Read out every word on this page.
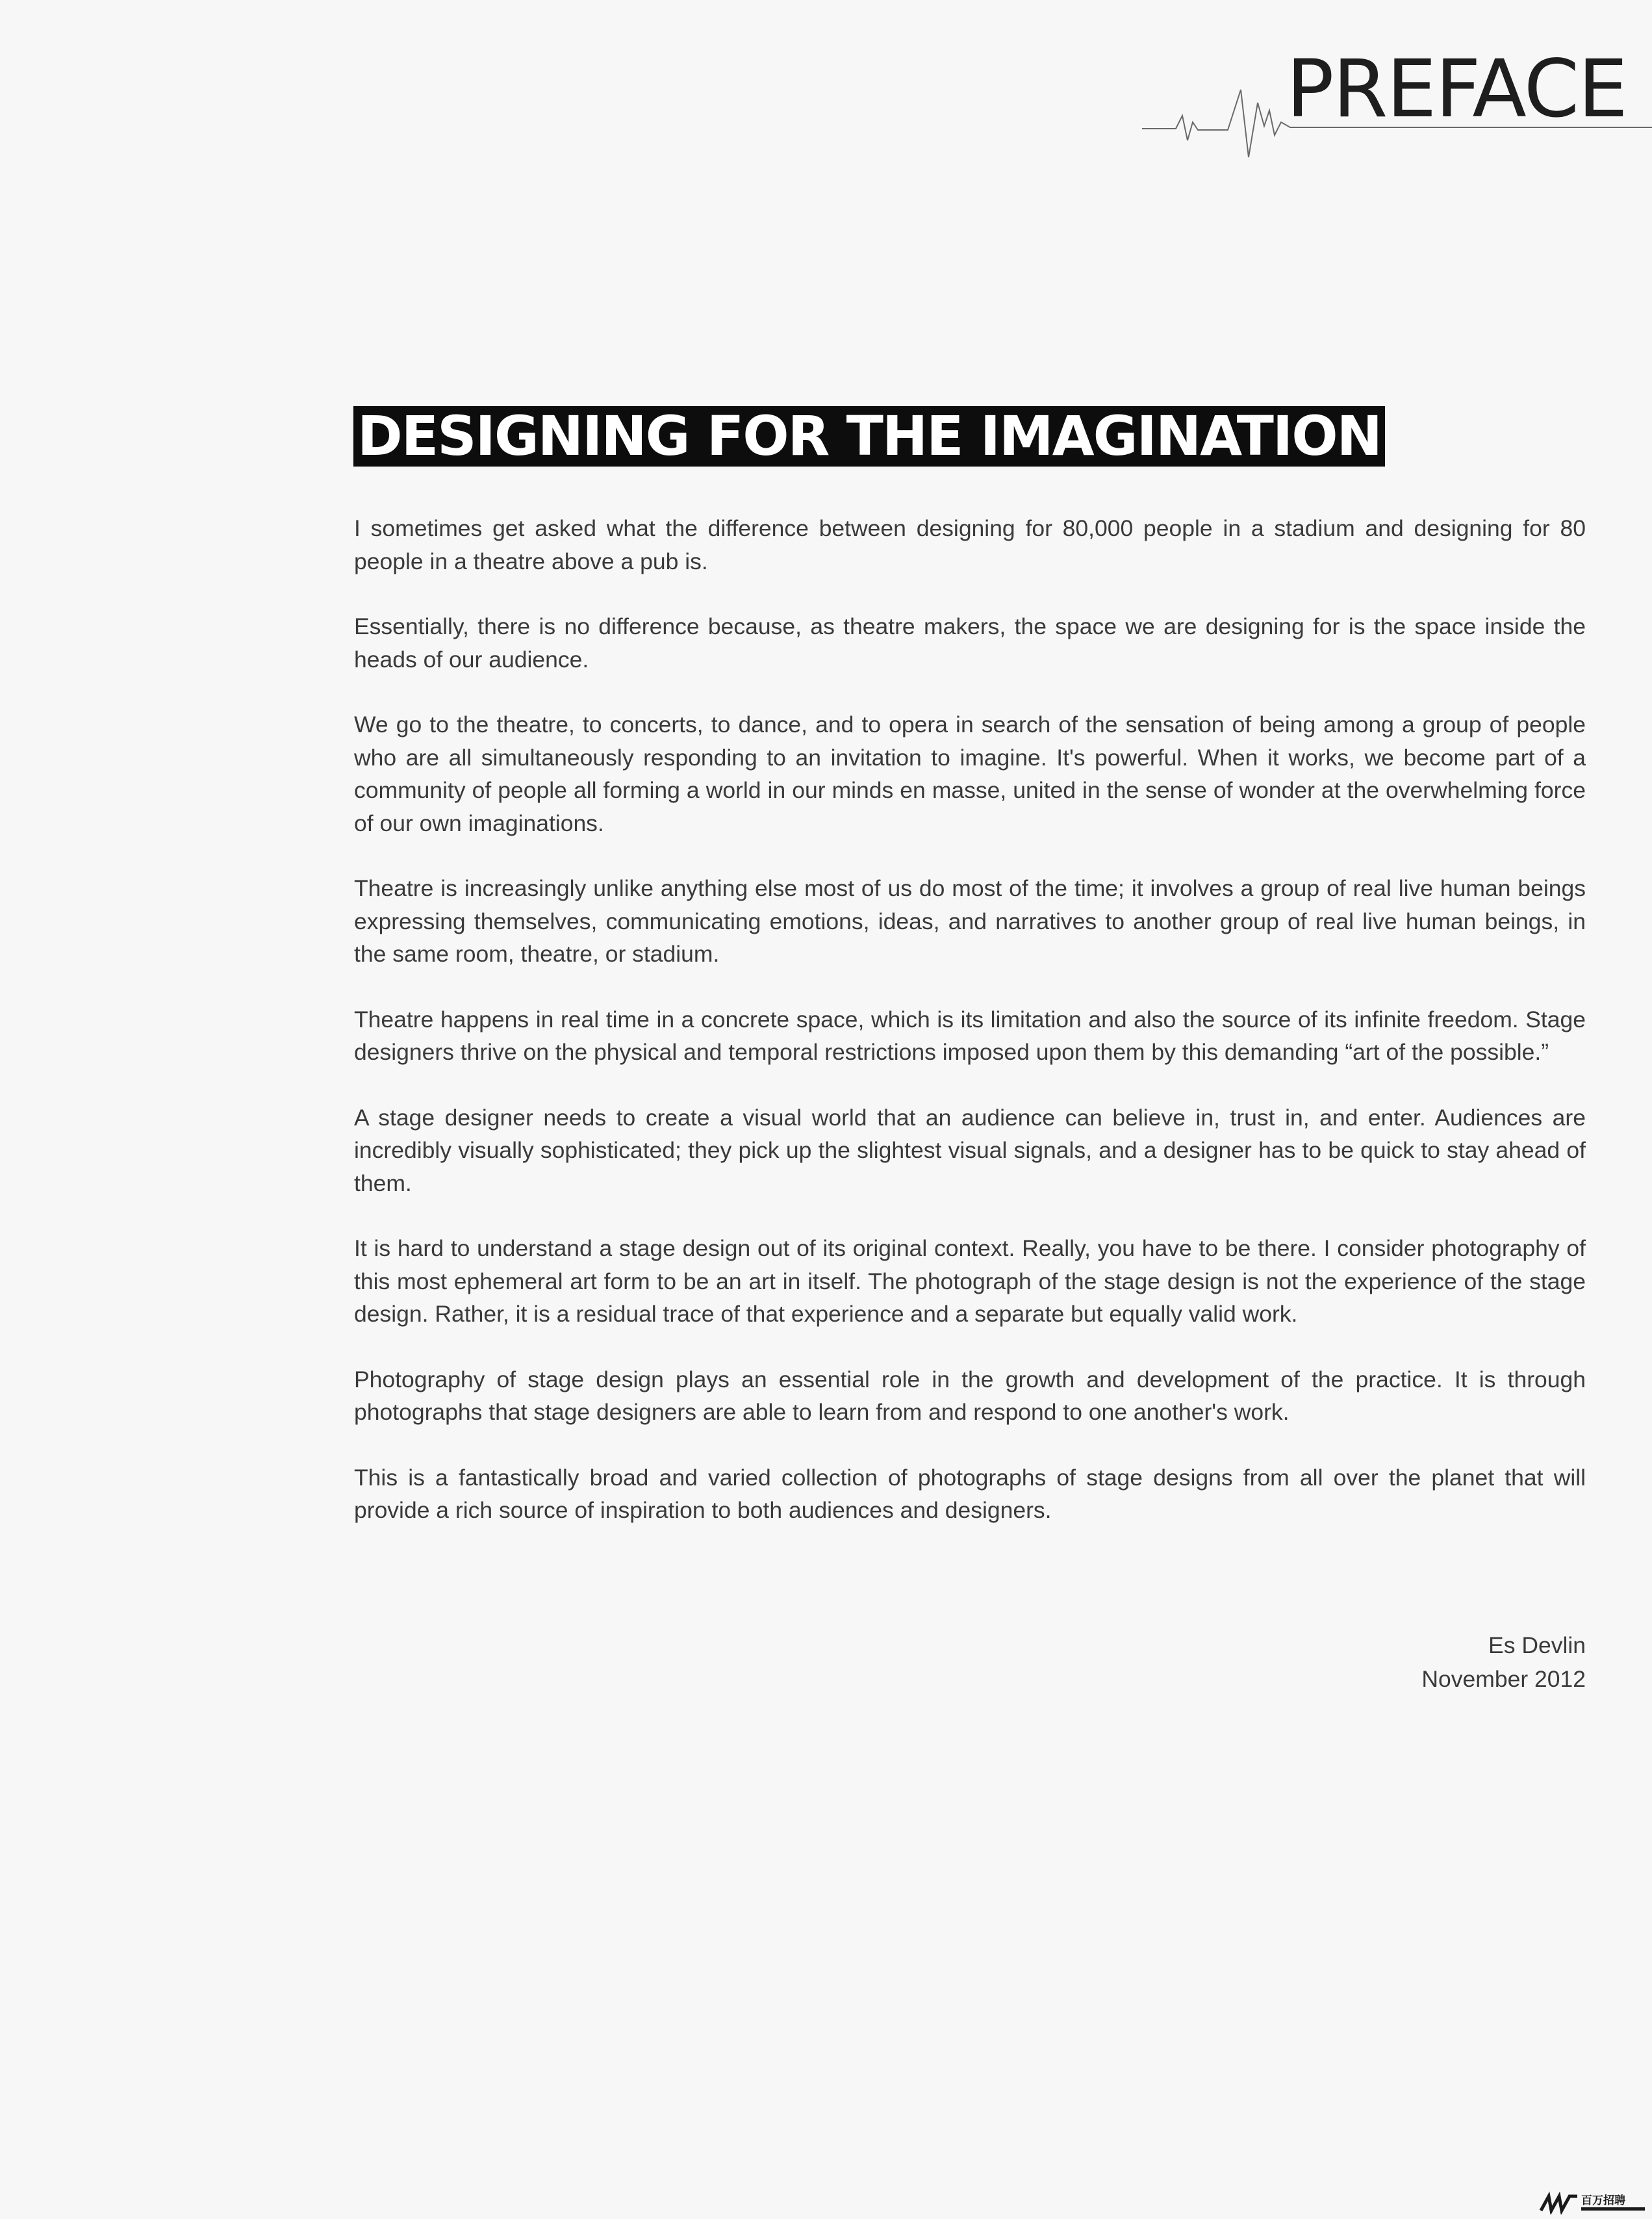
PREFACE
DESIGNING FOR THE IMAGINATION

I sometimes get asked what the difference between designing for 80,000 people in a stadium and designing for 80 people in a theatre above a pub is.

Essentially, there is no difference because, as theatre makers, the space we are designing for is the space inside the heads of our audience.

We go to the theatre, to concerts, to dance, and to opera in search of the sensation of being among a group of people who are all simultaneously responding to an invitation to imagine. It's powerful. When it works, we become part of a community of people all forming a world in our minds en masse, united in the sense of wonder at the overwhelming force of our own imaginations.

Theatre is increasingly unlike anything else most of us do most of the time; it involves a group of real live human beings expressing themselves, communicating emotions, ideas, and narratives to another group of real live human beings, in the same room, theatre, or stadium.

Theatre happens in real time in a concrete space, which is its limitation and also the source of its infinite freedom. Stage designers thrive on the physical and temporal restrictions imposed upon them by this demanding “art of the possible.”

A stage designer needs to create a visual world that an audience can believe in, trust in, and enter. Audiences are incredibly visually sophisticated; they pick up the slightest visual signals, and a designer has to be quick to stay ahead of them.

It is hard to understand a stage design out of its original context. Really, you have to be there. I consider photography of this most ephemeral art form to be an art in itself. The photograph of the stage design is not the experience of the stage design. Rather, it is a residual trace of that experience and a separate but equally valid work.

Photography of stage design plays an essential role in the growth and development of the practice. It is through photographs that stage designers are able to learn from and respond to one another's work.

This is a fantastically broad and varied collection of photographs of stage designs from all over the planet that will provide a rich source of inspiration to both audiences and designers.

Es Devlin
November 2012
百万招聘
